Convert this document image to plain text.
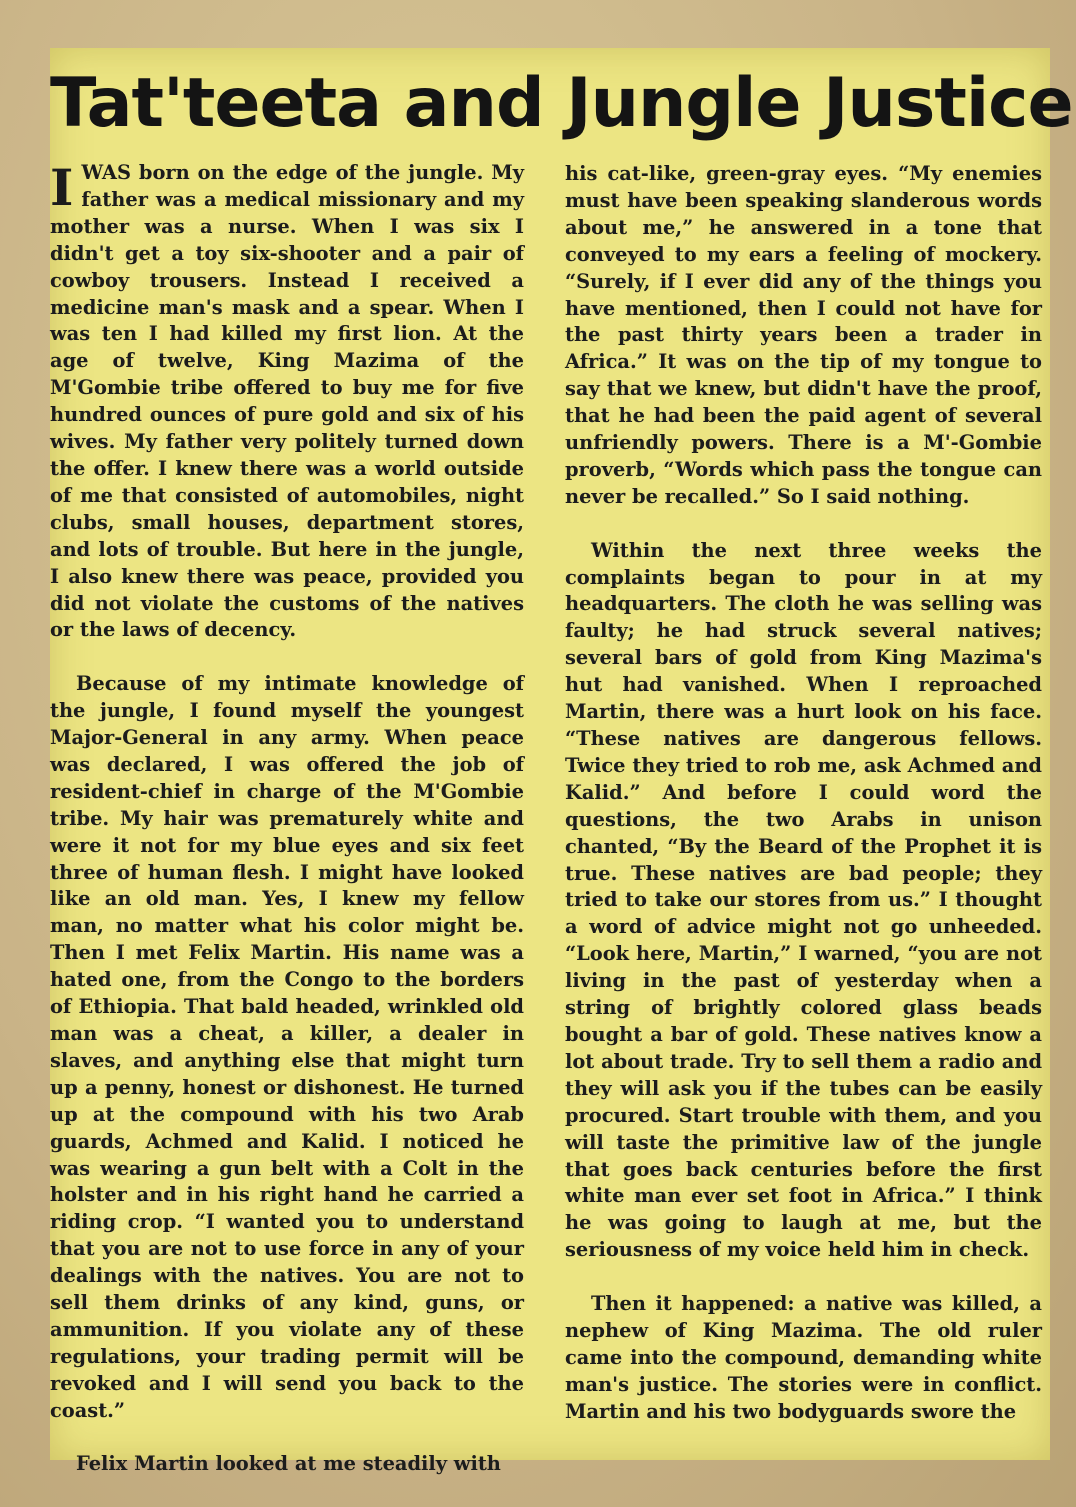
Tat'teeta and Jungle Justice

IWAS born on the edge of the jungle. My father was a medical missionary and my mother was a nurse. When I was six I didn't get a toy six-shooter and a pair of cowboy trousers. Instead I received a medicine man's mask and a spear. When I was ten I had killed my first lion. At the age of twelve, King Mazima of the M'Gombie tribe offered to buy me for five hundred ounces of pure gold and six of his wives. My father very politely turned down the offer. I knew there was a world outside of me that consisted of automobiles, night clubs, small houses, department stores, and lots of trouble. But here in the jungle, I also knew there was peace, provided you did not violate the customs of the natives or the laws of decency.

Because of my intimate knowledge of the jungle, I found myself the youngest Major-General in any army. When peace was declared, I was offered the job of resident-chief in charge of the M'Gombie tribe. My hair was prematurely white and were it not for my blue eyes and six feet three of human flesh. I might have looked like an old man. Yes, I knew my fellow man, no matter what his color might be. Then I met Felix Martin. His name was a hated one, from the Congo to the borders of Ethiopia. That bald headed, wrinkled old man was a cheat, a killer, a dealer in slaves, and anything else that might turn up a penny, honest or dishonest. He turned up at the compound with his two Arab guards, Achmed and Kalid. I noticed he was wearing a gun belt with a Colt in the holster and in his right hand he carried a riding crop. “I wanted you to understand that you are not to use force in any of your dealings with the natives. You are not to sell them drinks of any kind, guns, or ammunition. If you violate any of these regulations, your trading permit will be revoked and I will send you back to the coast.”

Felix Martin looked at me steadily with

his cat-like, green-gray eyes. “My enemies must have been speaking slanderous words about me,” he answered in a tone that conveyed to my ears a feeling of mockery. “Surely, if I ever did any of the things you have mentioned, then I could not have for the past thirty years been a trader in Africa.” It was on the tip of my tongue to say that we knew, but didn't have the proof, that he had been the paid agent of several unfriendly powers. There is a M'-Gombie proverb, “Words which pass the tongue can never be recalled.” So I said nothing.

Within the next three weeks the complaints began to pour in at my headquarters. The cloth he was selling was faulty; he had struck several natives; several bars of gold from King Mazima's hut had vanished. When I reproached Martin, there was a hurt look on his face. “These natives are dangerous fellows. Twice they tried to rob me, ask Achmed and Kalid.” And before I could word the questions, the two Arabs in unison chanted, “By the Beard of the Prophet it is true. These natives are bad people; they tried to take our stores from us.” I thought a word of advice might not go unheeded. “Look here, Martin,” I warned, “you are not living in the past of yesterday when a string of brightly colored glass beads bought a bar of gold. These natives know a lot about trade. Try to sell them a radio and they will ask you if the tubes can be easily procured. Start trouble with them, and you will taste the primitive law of the jungle that goes back centuries before the first white man ever set foot in Africa.” I think he was going to laugh at me, but the seriousness of my voice held him in check.

Then it happened: a native was killed, a nephew of King Mazima. The old ruler came into the compound, demanding white man's justice. The stories were in conflict. Martin and his two bodyguards swore the
